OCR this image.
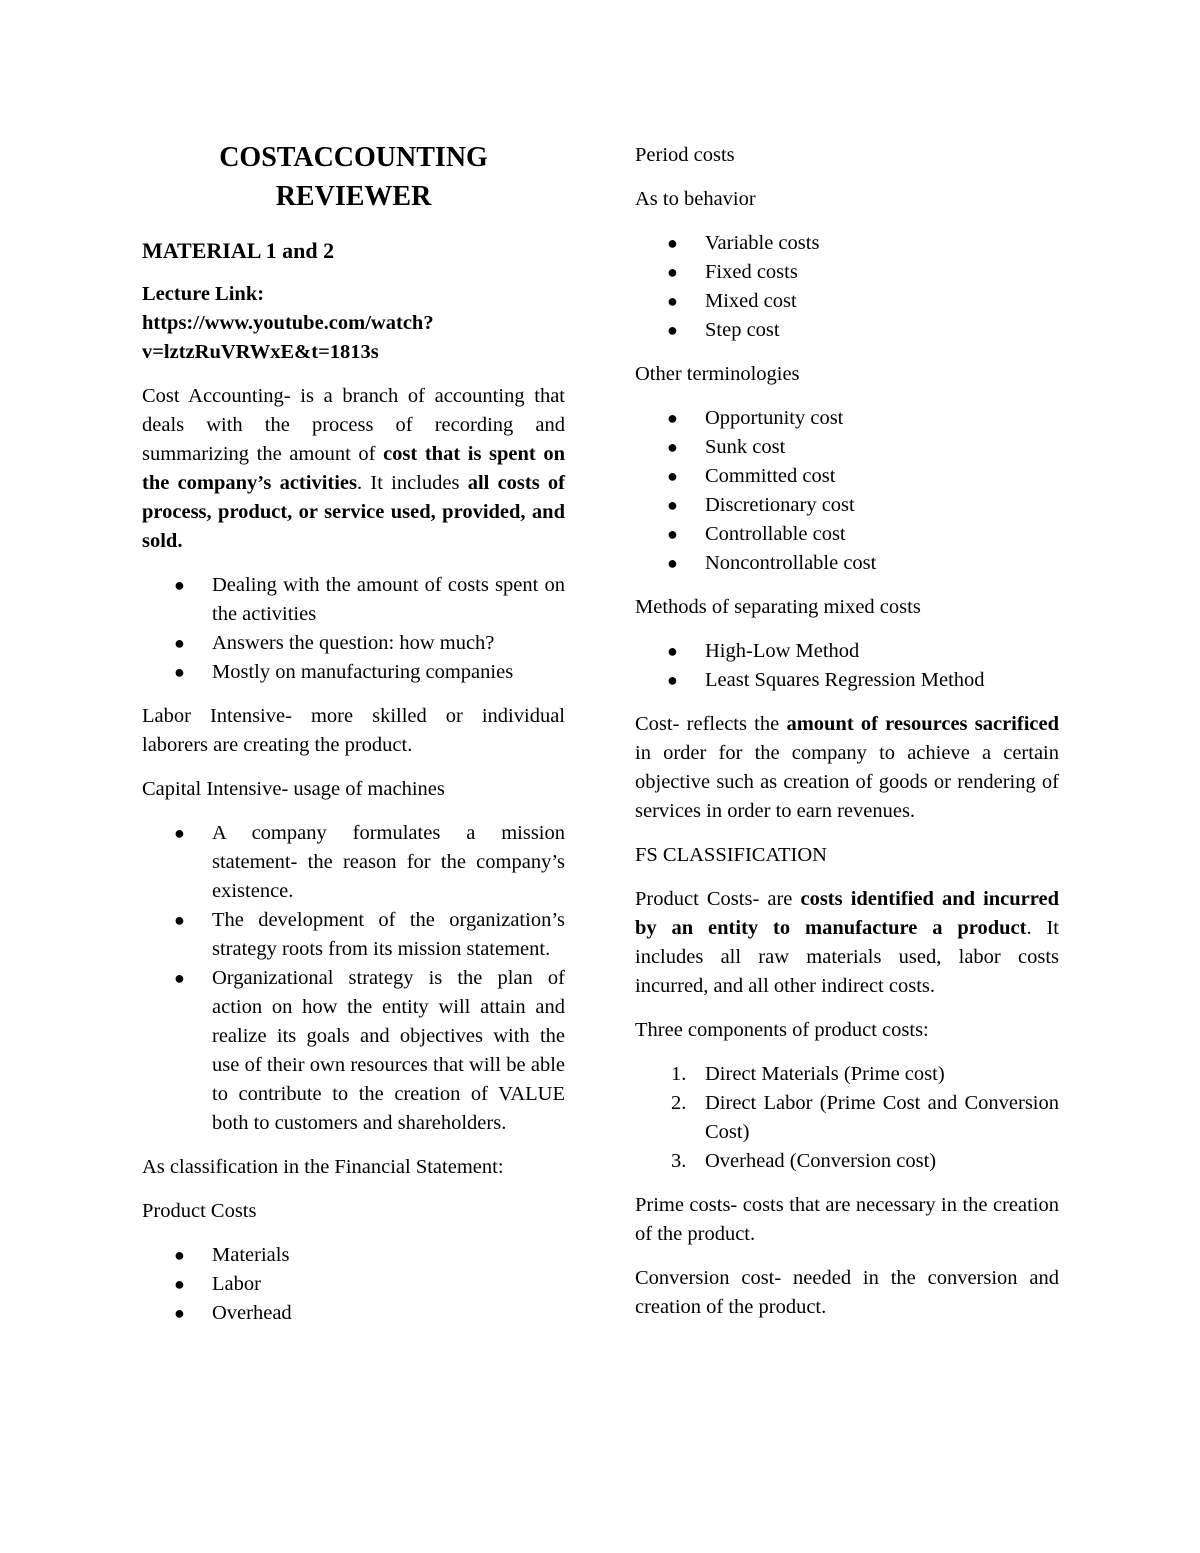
COSTACCOUNTING
REVIEWER
MATERIAL 1 and 2

Lecture Link:
https://www.youtube.com/watch?
v=lztzRuVRWxE&t=1813s

Cost Accounting- is a branch of accounting that deals with the process of recording and summarizing the amount of cost that is spent on the company’s activities. It includes all costs of process, product, or service used, provided, and sold.

● Dealing with the amount of costs spent on the activities
● Answers the question: how much?
● Mostly on manufacturing companies

Labor Intensive- more skilled or individual laborers are creating the product.

Capital Intensive- usage of machines

● A company formulates a mission statement- the reason for the company’s existence.
● The development of the organization’s strategy roots from its mission statement.
● Organizational strategy is the plan of action on how the entity will attain and realize its goals and objectives with the use of their own resources that will be able to contribute to the creation of VALUE both to customers and shareholders.

As classification in the Financial Statement:

Product Costs

● Materials
● Labor
● Overhead

Period costs

As to behavior

● Variable costs
● Fixed costs
● Mixed cost
● Step cost

Other terminologies

● Opportunity cost
● Sunk cost
● Committed cost
● Discretionary cost
● Controllable cost
● Noncontrollable cost

Methods of separating mixed costs

● High-Low Method
● Least Squares Regression Method

Cost- reflects the amount of resources sacrificed in order for the company to achieve a certain objective such as creation of goods or rendering of services in order to earn revenues.

FS CLASSIFICATION

Product Costs- are costs identified and incurred by an entity to manufacture a product. It includes all raw materials used, labor costs incurred, and all other indirect costs.

Three components of product costs:

1. Direct Materials (Prime cost)
2. Direct Labor (Prime Cost and Conversion Cost)
3. Overhead (Conversion cost)

Prime costs- costs that are necessary in the creation of the product.

Conversion cost- needed in the conversion and creation of the product.
